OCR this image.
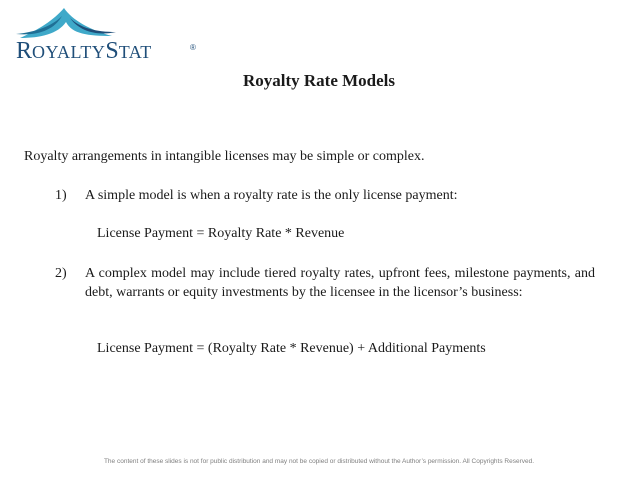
ROYALTYSTAT	®
Royalty Rate Models

Royalty arrangements in intangible licenses may be simple or complex.

1) A simple model is when a royalty rate is the only license payment:

License Payment = Royalty Rate * Revenue

2) A complex model may include tiered royalty rates, upfront fees, milestone payments, and debt, warrants or equity investments by the licensee in the licensor’s business:

License Payment = (Royalty Rate * Revenue) + Additional Payments

The content of these slides is not for public distribution and may not be copied or distributed without the Author’s permission. All Copyrights Reserved.
